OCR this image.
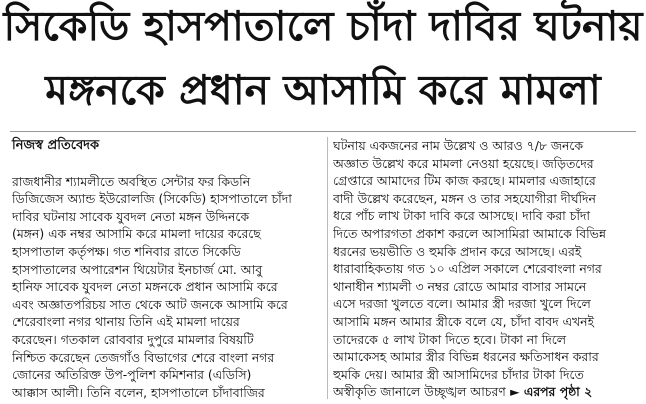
সিকেডি হাসপাতালে চাঁদা দাবির ঘটনায়
মঙ্গনকে প্রধান আসামি করে মামলা
নিজস্ব প্রতিবেদক
রাজধানীর শ্যামলীতে অবস্থিত সেন্টার ফর কিডনি
ডিজিজেস অ্যান্ড ইউরোলজি (সিকেডি) হাসপাতালে চাঁদা
দাবির ঘটনায় সাবেক যুবদল নেতা মঙ্গন উদ্দিনকে
(মঙ্গন) এক নম্বর আসামি করে মামলা দায়ের করেছে
হাসপাতাল কর্তৃপক্ষ। গত শনিবার রাতে সিকেডি
হাসপাতালের অপারেশন থিয়েটার ইনচার্জ মো. আবু
হানিফ সাবেক যুবদল নেতা মঙ্গনকে প্রধান আসামি করে
এবং অজ্ঞাতপরিচয় সাত থেকে আট জনকে আসামি করে
শেরেবাংলা নগর থানায় তিনি এই মামলা দায়ের
করেছেন। গতকাল রোববার দুপুরে মামলার বিষয়টি
নিশ্চিত করেছেন তেজগাঁও বিভাগের শেরে বাংলা নগর
জোনের অতিরিক্ত উপ-পুলিশ কমিশনার (এডিসি)
আক্কাস আলী। তিনি বলেন, হাসপাতালে চাঁদাবাজির
ঘটনায় একজনের নাম উল্লেখ ও আরও ৭/৮ জনকে
অজ্ঞাত উল্লেখ করে মামলা নেওয়া হয়েছে। জড়িতদের
গ্রেপ্তারে আমাদের টিম কাজ করছে। মামলার এজাহারে
বাদী উল্লেখ করেছেন, মঙ্গন ও তার সহযোগীরা দীর্ঘদিন
ধরে পাঁচ লাখ টাকা দাবি করে আসছে। দাবি করা চাঁদা
দিতে অপারগতা প্রকাশ করলে আসামিরা আমাকে বিভিন্ন
ধরনের ভয়ভীতি ও হুমকি প্রদান করে আসছে। এরই
ধারাবাহিকতায় গত ১০ এপ্রিল সকালে শেরেবাংলা নগর
থানাধীন শ্যামলী ৩ নম্বর রোডে আমার বাসার সামনে
এসে দরজা খুলতে বলে। আমার স্ত্রী দরজা খুলে দিলে
আসামি মঙ্গন আমার স্ত্রীকে বলে যে, চাঁদা বাবদ এখনই
তাদেরকে ৫ লাখ টাকা দিতে হবে। টাকা না দিলে
আমাকেসহ আমার স্ত্রীর বিভিন্ন ধরনের ক্ষতিসাধন করার
হুমকি দেয়। আমার স্ত্রী আসামিদের চাঁদার টাকা দিতে
অস্বীকৃতি জানালে উচ্ছৃঙ্খল আচরণ ► এরপর পৃষ্ঠা ২
